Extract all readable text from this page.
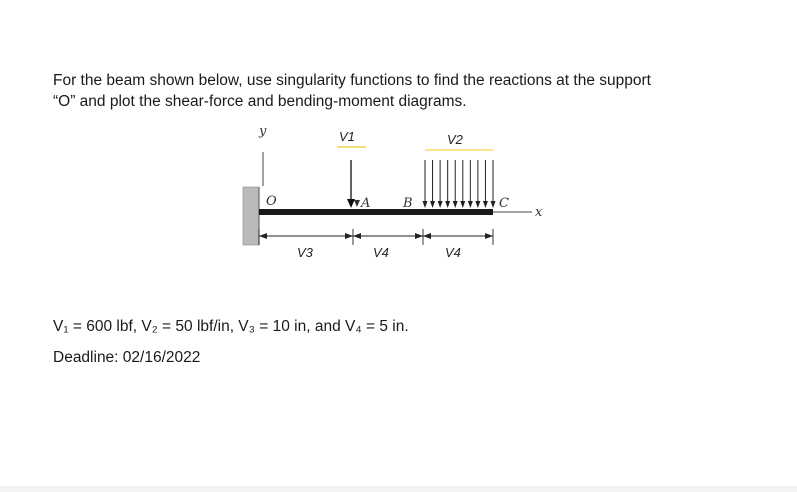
For the beam shown below, use singularity functions to find the reactions at the support

“O” and plot the shear-force and bending-moment diagrams.

y
O	A	B	C
x
V1	V2
V3	V4	V4
V₁ = 600 lbf, V₂ = 50 lbf/in, V₃ = 10 in, and V₄ = 5 in.
Deadline: 02/16/2022
